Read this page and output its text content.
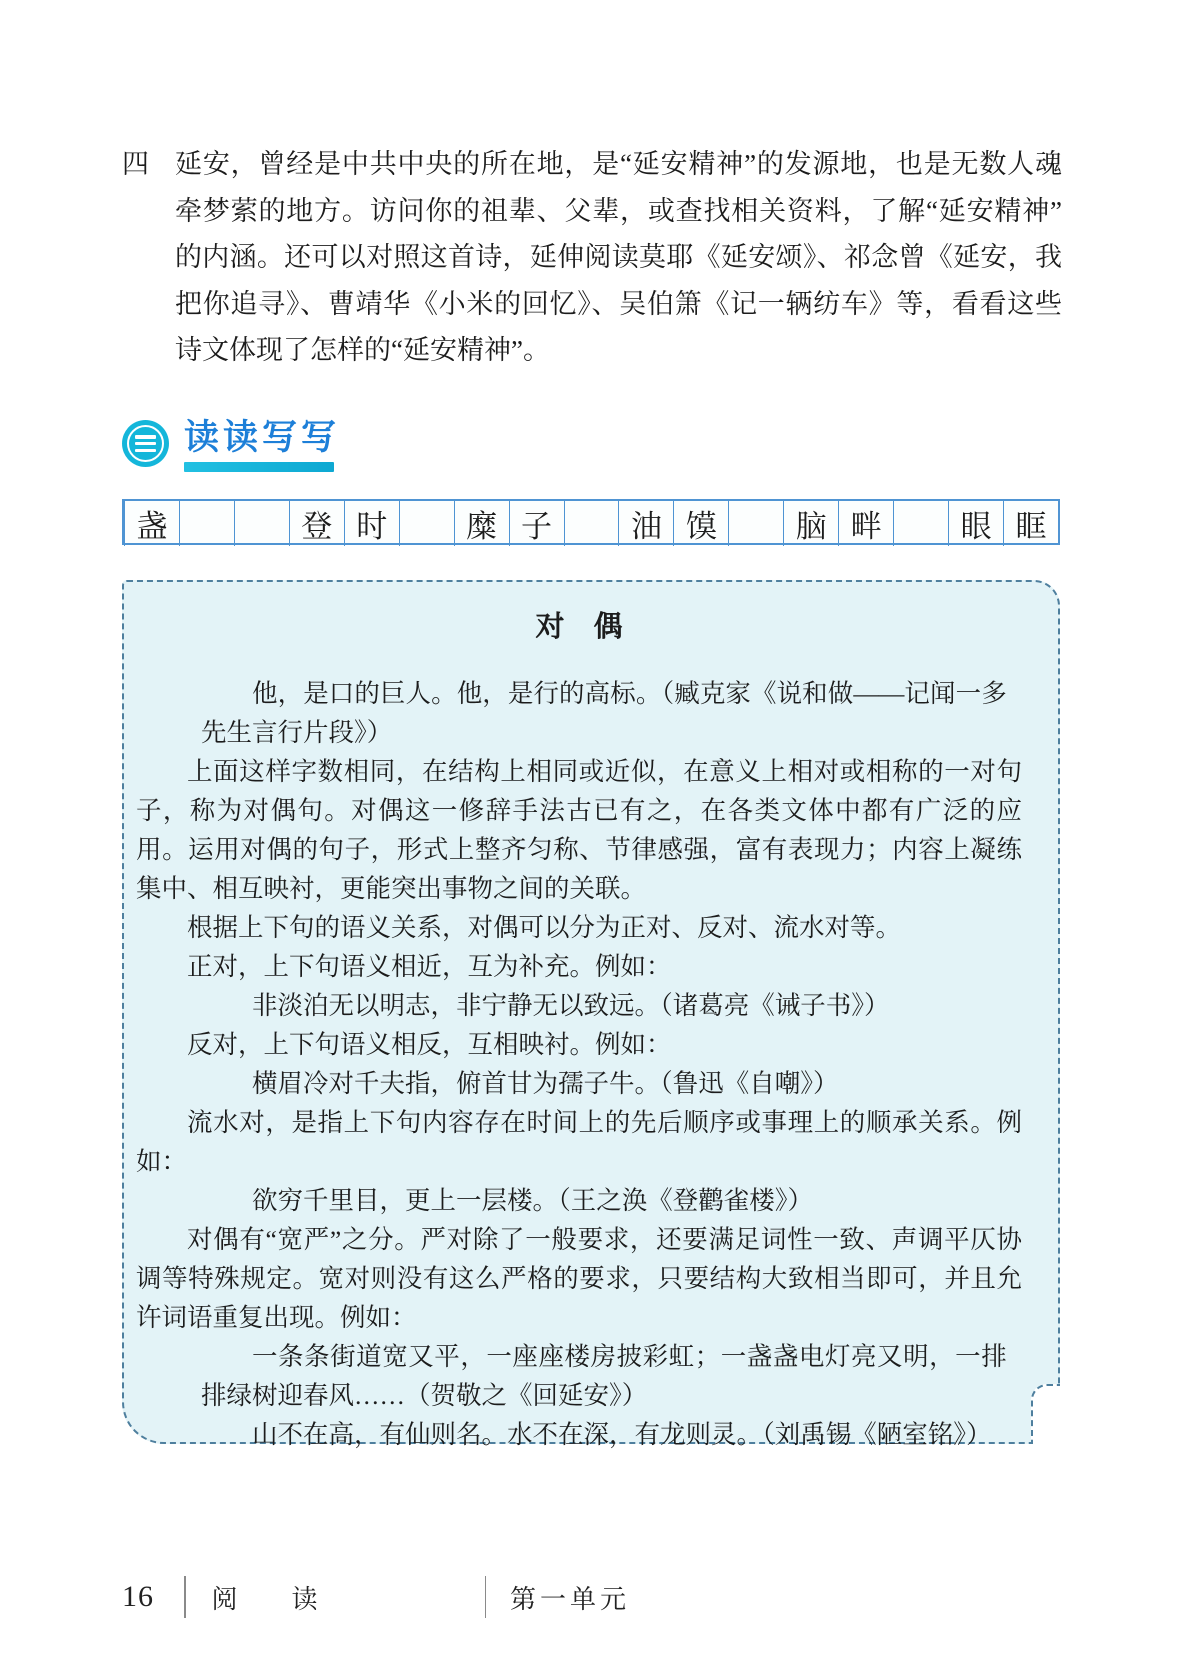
四 延安，曾经是中共中央的所在地，是“延安精神”的发源地，也是无数人魂牵梦萦的地方。访问你的祖辈、父辈，或查找相关资料，了解“延安精神”的内涵。还可以对照这首诗，延伸阅读莫耶《延安颂》、祁念曾《延安，我把你追寻》、曹靖华《小米的回忆》、吴伯箫《记一辆纺车》等，看看这些诗文体现了怎样的“延安精神”。
读读写写
盏	登 时	糜 子	油 馍	脑 畔	眼 眶
对　偶

他，是口的巨人。他，是行的高标。（臧克家《说和做——记闻一多先生言行片段》）

上面这样字数相同，在结构上相同或近似，在意义上相对或相称的一对句子，称为对偶句。对偶这一修辞手法古已有之，在各类文体中都有广泛的应用。运用对偶的句子，形式上整齐匀称、节律感强，富有表现力；内容上凝练集中、相互映衬，更能突出事物之间的关联。

根据上下句的语义关系，对偶可以分为正对、反对、流水对等。

正对，上下句语义相近，互为补充。例如：

非淡泊无以明志，非宁静无以致远。（诸葛亮《诫子书》）

反对，上下句语义相反，互相映衬。例如：

横眉冷对千夫指，俯首甘为孺子牛。（鲁迅《自嘲》）

流水对，是指上下句内容存在时间上的先后顺序或事理上的顺承关系。例如：

欲穷千里目，更上一层楼。（王之涣《登鹳雀楼》）

对偶有“宽严”之分。严对除了一般要求，还要满足词性一致、声调平仄协调等特殊规定。宽对则没有这么严格的要求，只要结构大致相当即可，并且允许词语重复出现。例如：

一条条街道宽又平，一座座楼房披彩虹；一盏盏电灯亮又明，一排排绿树迎春风……（贺敬之《回延安》）

山不在高，有仙则名。水不在深，有龙则灵。（刘禹锡《陋室铭》）

16 阅　读	第一单元
